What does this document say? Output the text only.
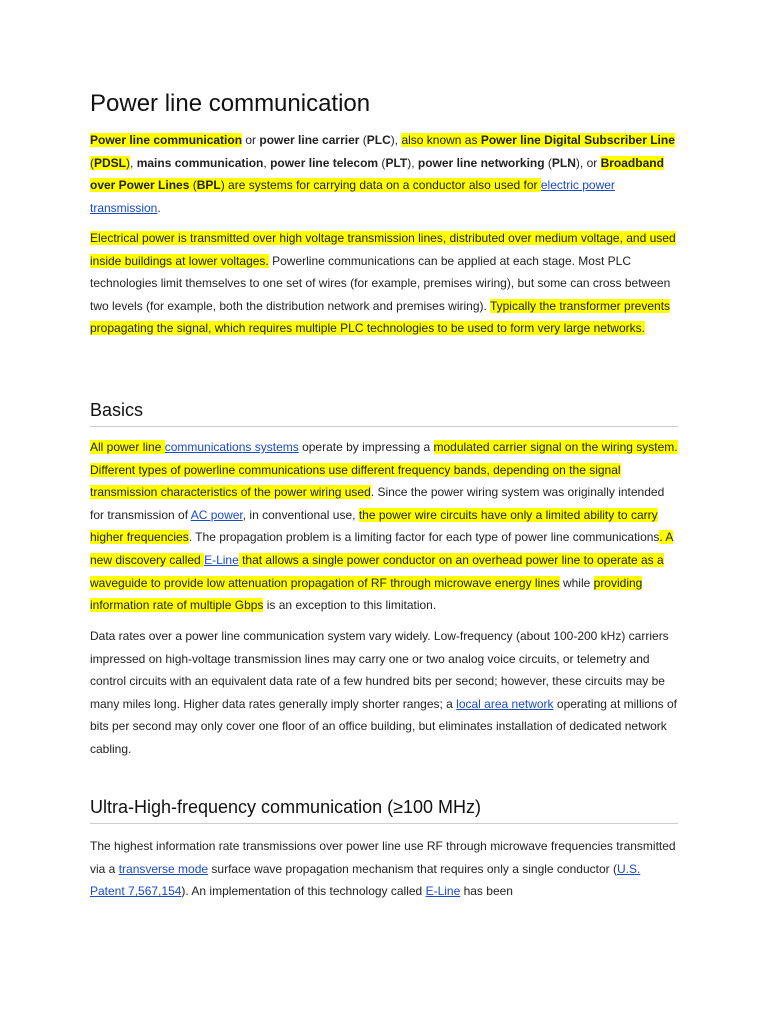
Power line communication

Power line communication or power line carrier (PLC), also known as Power line Digital Subscriber Line (PDSL), mains communication, power line telecom (PLT), power line networking (PLN), or Broadband over Power Lines (BPL) are systems for carrying data on a conductor also used for electric power transmission.

Electrical power is transmitted over high voltage transmission lines, distributed over medium voltage, and used inside buildings at lower voltages. Powerline communications can be applied at each stage. Most PLC technologies limit themselves to one set of wires (for example, premises wiring), but some can cross between two levels (for example, both the distribution network and premises wiring). Typically the transformer prevents propagating the signal, which requires multiple PLC technologies to be used to form very large networks.

Basics

All power line communications systems operate by impressing a modulated carrier signal on the wiring system. Different types of powerline communications use different frequency bands, depending on the signal transmission characteristics of the power wiring used. Since the power wiring system was originally intended for transmission of AC power, in conventional use, the power wire circuits have only a limited ability to carry higher frequencies. The propagation problem is a limiting factor for each type of power line communications. A new discovery called E-Line that allows a single power conductor on an overhead power line to operate as a waveguide to provide low attenuation propagation of RF through microwave energy lines while providing information rate of multiple Gbps is an exception to this limitation.

Data rates over a power line communication system vary widely. Low-frequency (about 100-200 kHz) carriers impressed on high-voltage transmission lines may carry one or two analog voice circuits, or telemetry and control circuits with an equivalent data rate of a few hundred bits per second; however, these circuits may be many miles long. Higher data rates generally imply shorter ranges; a local area network operating at millions of bits per second may only cover one floor of an office building, but eliminates installation of dedicated network cabling.

Ultra-High-frequency communication (≥100 MHz)

The highest information rate transmissions over power line use RF through microwave frequencies transmitted via a transverse mode surface wave propagation mechanism that requires only a single conductor (U.S. Patent 7,567,154). An implementation of this technology called E-Line has been
